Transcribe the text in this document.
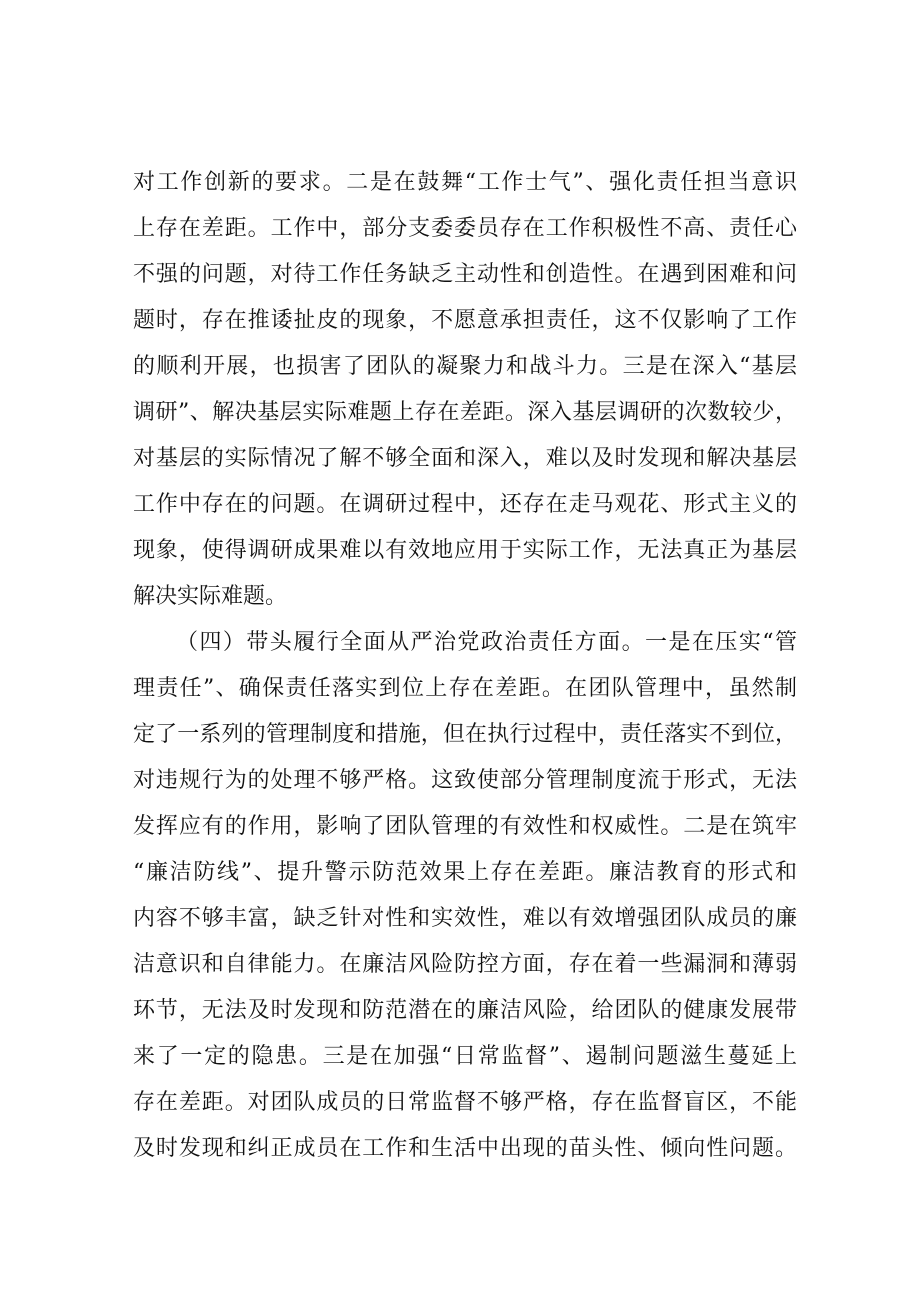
对工作创新的要求。二是在鼓舞“工作士气”、强化责任担当意识
上存在差距。工作中，部分支委委员存在工作积极性不高、责任心
不强的问题，对待工作任务缺乏主动性和创造性。在遇到困难和问
题时，存在推诿扯皮的现象，不愿意承担责任，这不仅影响了工作
的顺利开展，也损害了团队的凝聚力和战斗力。三是在深入“基层
调研”、解决基层实际难题上存在差距。深入基层调研的次数较少，
对基层的实际情况了解不够全面和深入，难以及时发现和解决基层
工作中存在的问题。在调研过程中，还存在走马观花、形式主义的
现象，使得调研成果难以有效地应用于实际工作，无法真正为基层
解决实际难题。
（四）带头履行全面从严治党政治责任方面。一是在压实“管
理责任”、确保责任落实到位上存在差距。在团队管理中，虽然制
定了一系列的管理制度和措施，但在执行过程中，责任落实不到位，
对违规行为的处理不够严格。这致使部分管理制度流于形式，无法
发挥应有的作用，影响了团队管理的有效性和权威性。二是在筑牢
“廉洁防线”、提升警示防范效果上存在差距。廉洁教育的形式和
内容不够丰富，缺乏针对性和实效性，难以有效增强团队成员的廉
洁意识和自律能力。在廉洁风险防控方面，存在着一些漏洞和薄弱
环节，无法及时发现和防范潜在的廉洁风险，给团队的健康发展带
来了一定的隐患。三是在加强“日常监督”、遏制问题滋生蔓延上
存在差距。对团队成员的日常监督不够严格，存在监督盲区，不能
及时发现和纠正成员在工作和生活中出现的苗头性、倾向性问题。
